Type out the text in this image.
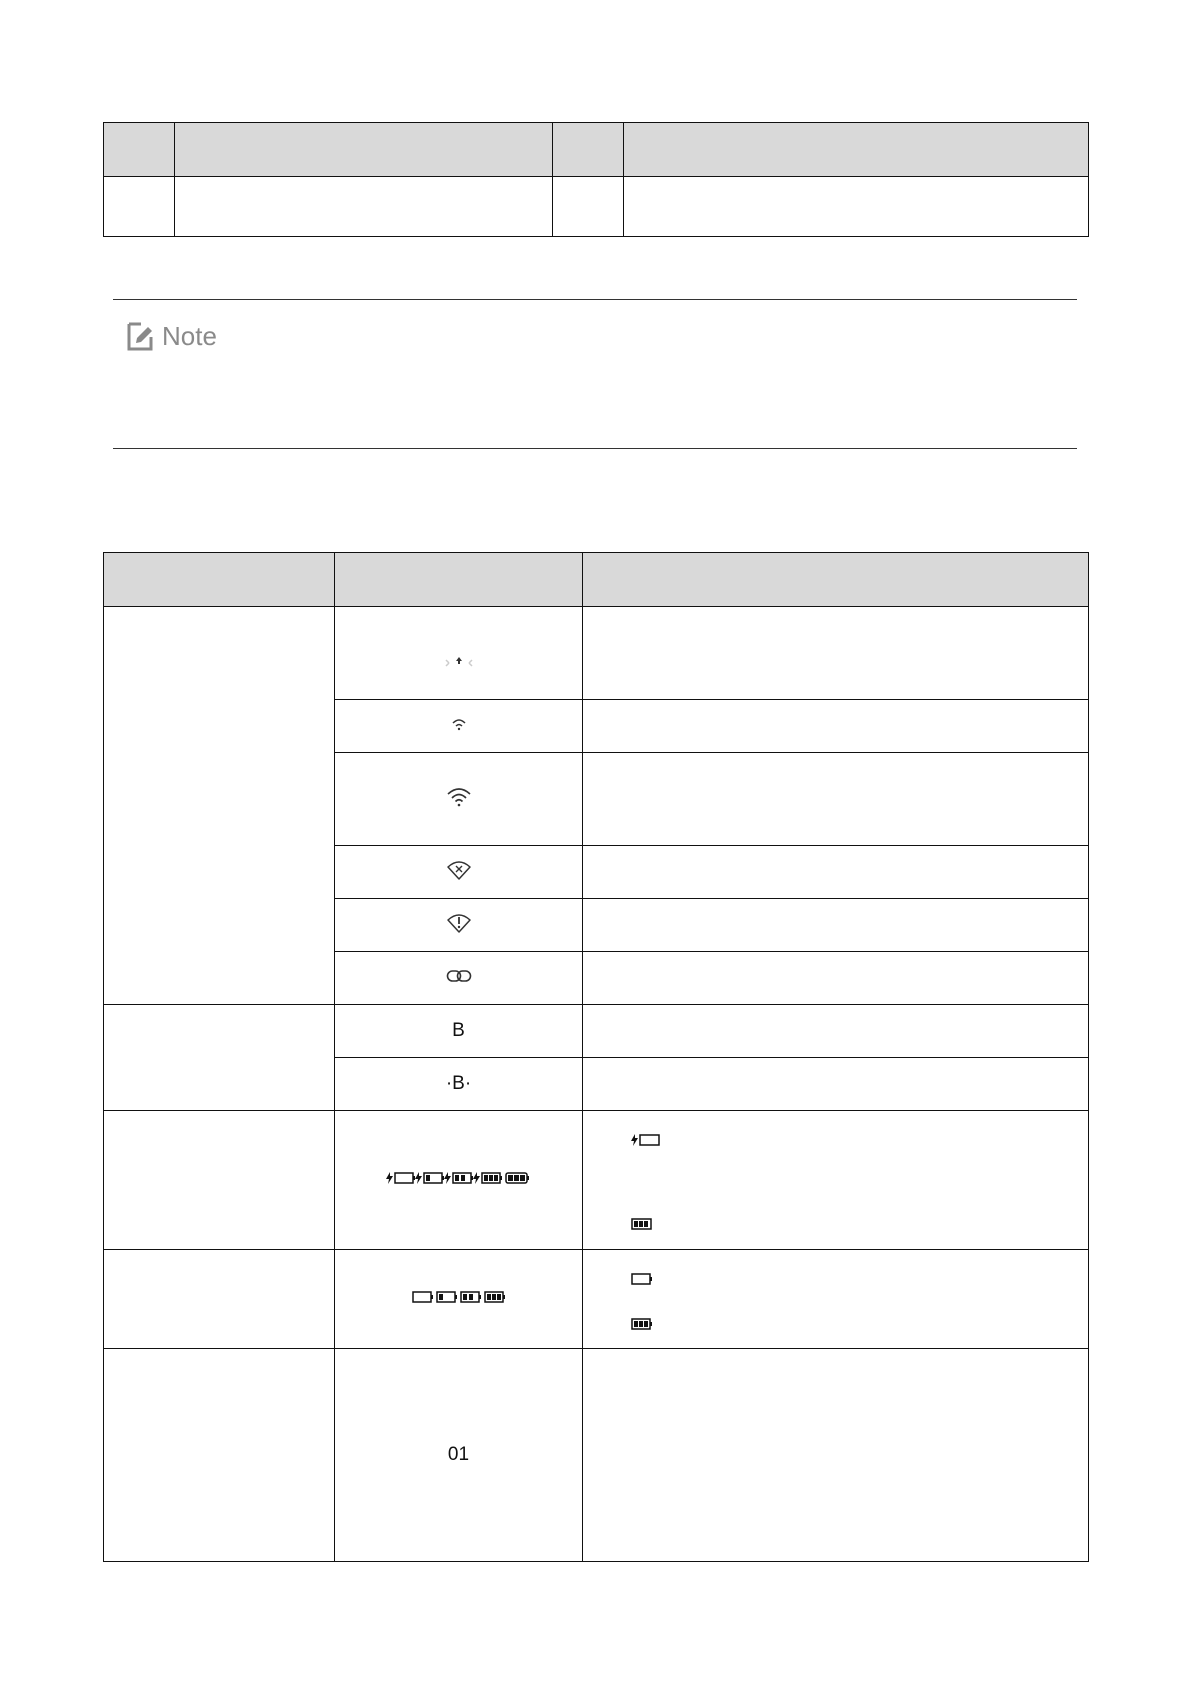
Note

	B	
	·B·	

	01	
